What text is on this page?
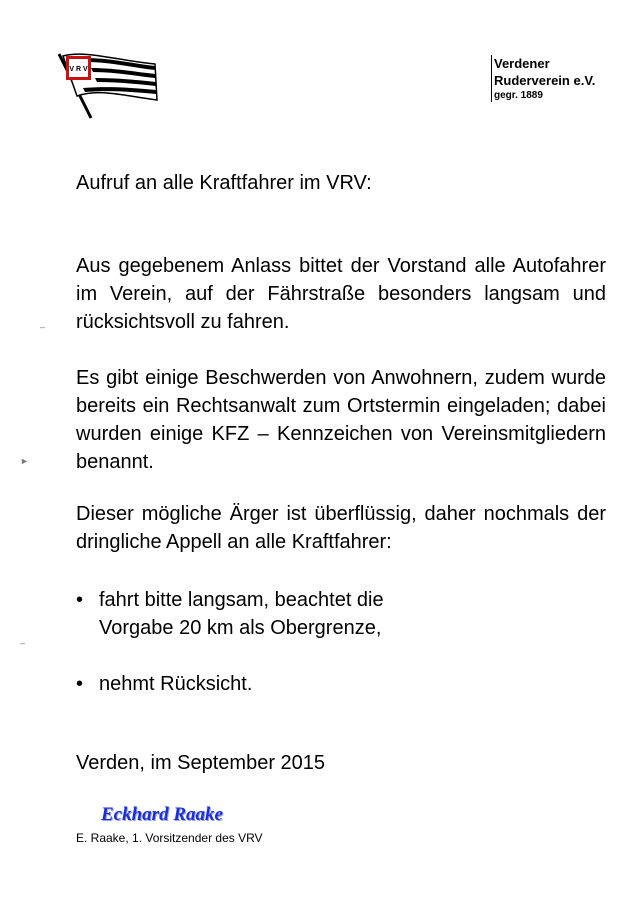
V R V	Verdener
Ruderverein e.V.
gegr. 1889
Aufruf an alle Kraftfahrer im VRV:
Aus gegebenem Anlass bittet der Vorstand alle Autofahrer im Verein, auf der Fährstraße besonders langsam und rücksichtsvoll zu fahren.
Es gibt einige Beschwerden von Anwohnern, zudem wurde bereits ein Rechtsanwalt zum Ortstermin eingeladen; dabei wurden einige KFZ – Kennzeichen von Vereinsmitgliedern benannt.
Dieser mögliche Ärger ist überflüssig, daher nochmals der dringliche Appell an alle Kraftfahrer:
• fahrt bitte langsam, beachtet die Vorgabe 20 km als Obergrenze,
• nehmt Rücksicht.
Verden, im September 2015
Eckhard Raake
E. Raake, 1. Vorsitzender des VRV
–
►
–
